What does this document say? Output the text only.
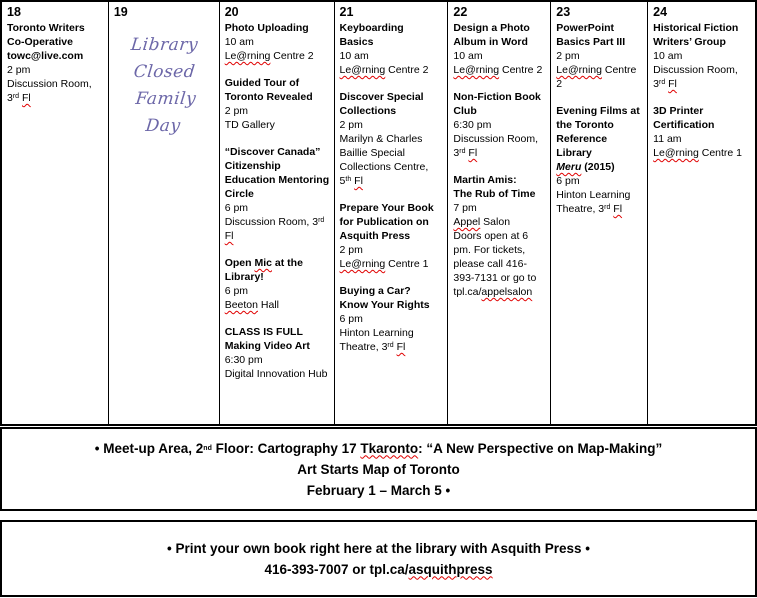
18
Toronto Writers Co-Operative towc@live.com
2 pm
Discussion Room, 3rd Fl
19
Library
Closed
Family Day
20
Photo Uploading
10 am
Le@rning Centre 2
Guided Tour of Toronto Revealed
2 pm
TD Gallery
“Discover Canada” Citizenship Education Mentoring Circle
6 pm
Discussion Room, 3rd Fl
Open Mic at the Library!
6 pm
Beeton Hall
CLASS IS FULL
Making Video Art
6:30 pm
Digital Innovation Hub
21
Keyboarding Basics
10 am
Le@rning Centre 2
Discover Special Collections
2 pm
Marilyn & Charles Baillie Special Collections Centre, 5th Fl
Prepare Your Book for Publication on Asquith Press
2 pm
Le@rning Centre 1
Buying a Car? Know Your Rights
6 pm
Hinton Learning Theatre, 3rd Fl
22
Design a Photo Album in Word
10 am
Le@rning Centre 2
Non-Fiction Book Club
6:30 pm
Discussion Room, 3rd Fl
Martin Amis:
The Rub of Time
7 pm
Appel Salon
Doors open at 6 pm. For tickets, please call 416-393-7131 or go to tpl.ca/appelsalon
23
PowerPoint Basics Part III
2 pm
Le@rning Centre 2
Evening Films at the Toronto Reference Library
Meru (2015)
6 pm
Hinton Learning Theatre, 3rd Fl
24
Historical Fiction Writers’ Group
10 am
Discussion Room, 3rd Fl
3D Printer Certification
11 am
Le@rning Centre 1
• Meet-up Area, 2nd Floor: Cartography 17 Tkaronto: “A New Perspective on Map-Making”
Art Starts Map of Toronto
February 1 – March 5 •
• Print your own book right here at the library with Asquith Press •
416-393-7007 or tpl.ca/asquithpress
